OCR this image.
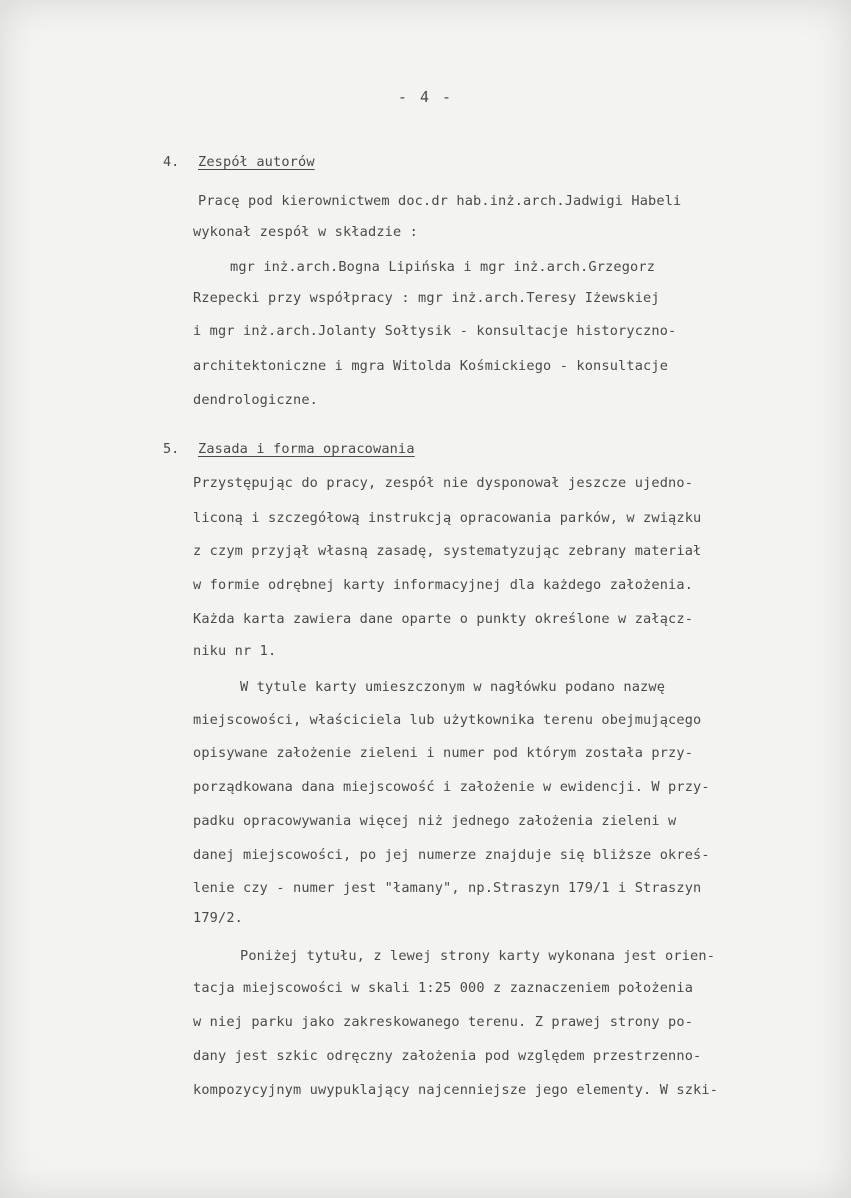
- 4 -
4. Zespół autorów
Pracę pod kierownictwem doc.dr hab.inż.arch.Jadwigi Habeli
wykonał zespół w składzie :
mgr inż.arch.Bogna Lipińska i mgr inż.arch.Grzegorz
Rzepecki przy współpracy : mgr inż.arch.Teresy Iżewskiej
i mgr inż.arch.Jolanty Sołtysik - konsultacje historyczno-
architektoniczne i mgra Witolda Kośmickiego - konsultacje
dendrologiczne.
5. Zasada i forma opracowania
Przystępując do pracy, zespół nie dysponował jeszcze ujedno-
liconą i szczegółową instrukcją opracowania parków, w związku
z czym przyjął własną zasadę, systematyzując zebrany materiał
w formie odrębnej karty informacyjnej dla każdego założenia.
Każda karta zawiera dane oparte o punkty określone w załącz-
niku nr 1.
W tytule karty umieszczonym w nagłówku podano nazwę
miejscowości, właściciela lub użytkownika terenu obejmującego
opisywane założenie zieleni i numer pod którym została przy-
porządkowana dana miejscowość i założenie w ewidencji. W przy-
padku opracowywania więcej niż jednego założenia zieleni w
danej miejscowości, po jej numerze znajduje się bliższe okreś-
lenie czy - numer jest "łamany", np.Straszyn 179/1 i Straszyn
179/2.
Poniżej tytułu, z lewej strony karty wykonana jest orien-
tacja miejscowości w skali 1:25 000 z zaznaczeniem położenia
w niej parku jako zakreskowanego terenu. Z prawej strony po-
dany jest szkic odręczny założenia pod względem przestrzenno-
kompozycyjnym uwypuklający najcenniejsze jego elementy. W szki-
